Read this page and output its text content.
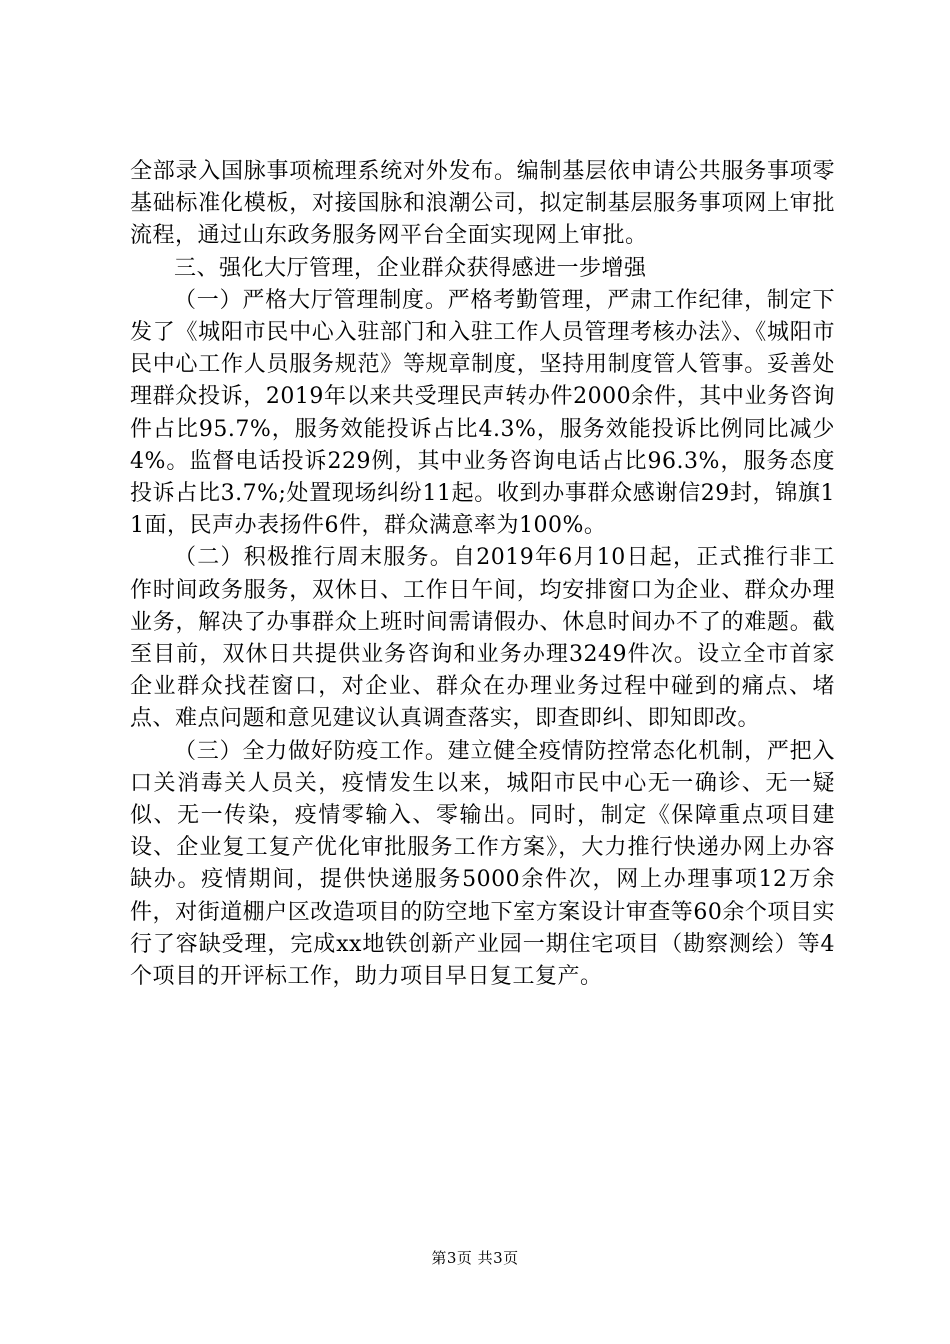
全部录入国脉事项梳理系统对外发布。编制基层依申请公共服务事项零基础标准化模板，对接国脉和浪潮公司，拟定制基层服务事项网上审批流程，通过山东政务服务网平台全面实现网上审批。

三、强化大厅管理，企业群众获得感进一步增强

（一）严格大厅管理制度。严格考勤管理，严肃工作纪律，制定下发了《城阳市民中心入驻部门和入驻工作人员管理考核办法》、《城阳市民中心工作人员服务规范》等规章制度，坚持用制度管人管事。妥善处理群众投诉，2019年以来共受理民声转办件2000余件，其中业务咨询件占比95.7%，服务效能投诉占比4.3%，服务效能投诉比例同比减少4%。监督电话投诉229例，其中业务咨询电话占比96.3%，服务态度投诉占比3.7%;处置现场纠纷11起。收到办事群众感谢信29封，锦旗11面，民声办表扬件6件，群众满意率为100%。

（二）积极推行周末服务。自2019年6月10日起，正式推行非工作时间政务服务，双休日、工作日午间，均安排窗口为企业、群众办理业务，解决了办事群众上班时间需请假办、休息时间办不了的难题。截至目前，双休日共提供业务咨询和业务办理3249件次。设立全市首家企业群众找茬窗口，对企业、群众在办理业务过程中碰到的痛点、堵点、难点问题和意见建议认真调查落实，即查即纠、即知即改。

（三）全力做好防疫工作。建立健全疫情防控常态化机制，严把入口关消毒关人员关，疫情发生以来，城阳市民中心无一确诊、无一疑似、无一传染，疫情零输入、零输出。同时，制定《保障重点项目建设、企业复工复产优化审批服务工作方案》，大力推行快递办网上办容缺办。疫情期间，提供快递服务5000余件次，网上办理事项12万余件，对街道棚户区改造项目的防空地下室方案设计审查等60余个项目实行了容缺受理，完成xx地铁创新产业园一期住宅项目（勘察测绘）等4个项目的开评标工作，助力项目早日复工复产。

第3页 共3页
